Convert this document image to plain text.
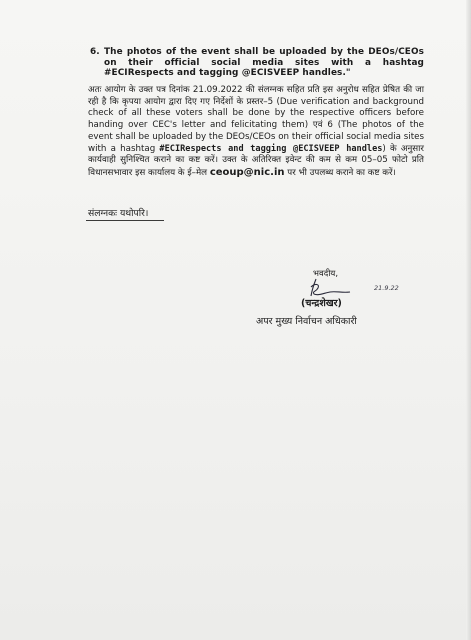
6. The photos of the event shall be uploaded by the DEOs/CEOs on their official social media sites with a hashtag #ECIRespects and tagging @ECISVEEP handles."
अतः आयोग के उक्त पत्र दिनांक 21.09.2022 की संलग्नक सहित प्रति इस अनुरोध सहित प्रेषित की जा रही है कि कृपया आयोग द्वारा दिए गए निर्देशों के प्रस्तर–5 (Due verification and background check of all these voters shall be done by the respective officers before handing over CEC's letter and felicitating them) एवं 6 (The photos of the event shall be uploaded by the DEOs/CEOs on their official social media sites with a hashtag #ECIRespects and tagging @ECISVEEP handles) के अनुसार कार्यवाही सुनिश्चित कराने का कष्ट करें। उक्त के अतिरिक्त इवेन्ट की कम से कम 05–05 फोटो प्रति विधानसभावार इस कार्यालय के ई–मेल ceoup@nic.in पर भी उपलब्ध कराने का कष्ट करें।
संलग्नकः यथोपरि।
भवदीय,
21.9.22
(चन्द्रशेखर)
अपर मुख्य निर्वाचन अधिकारी
